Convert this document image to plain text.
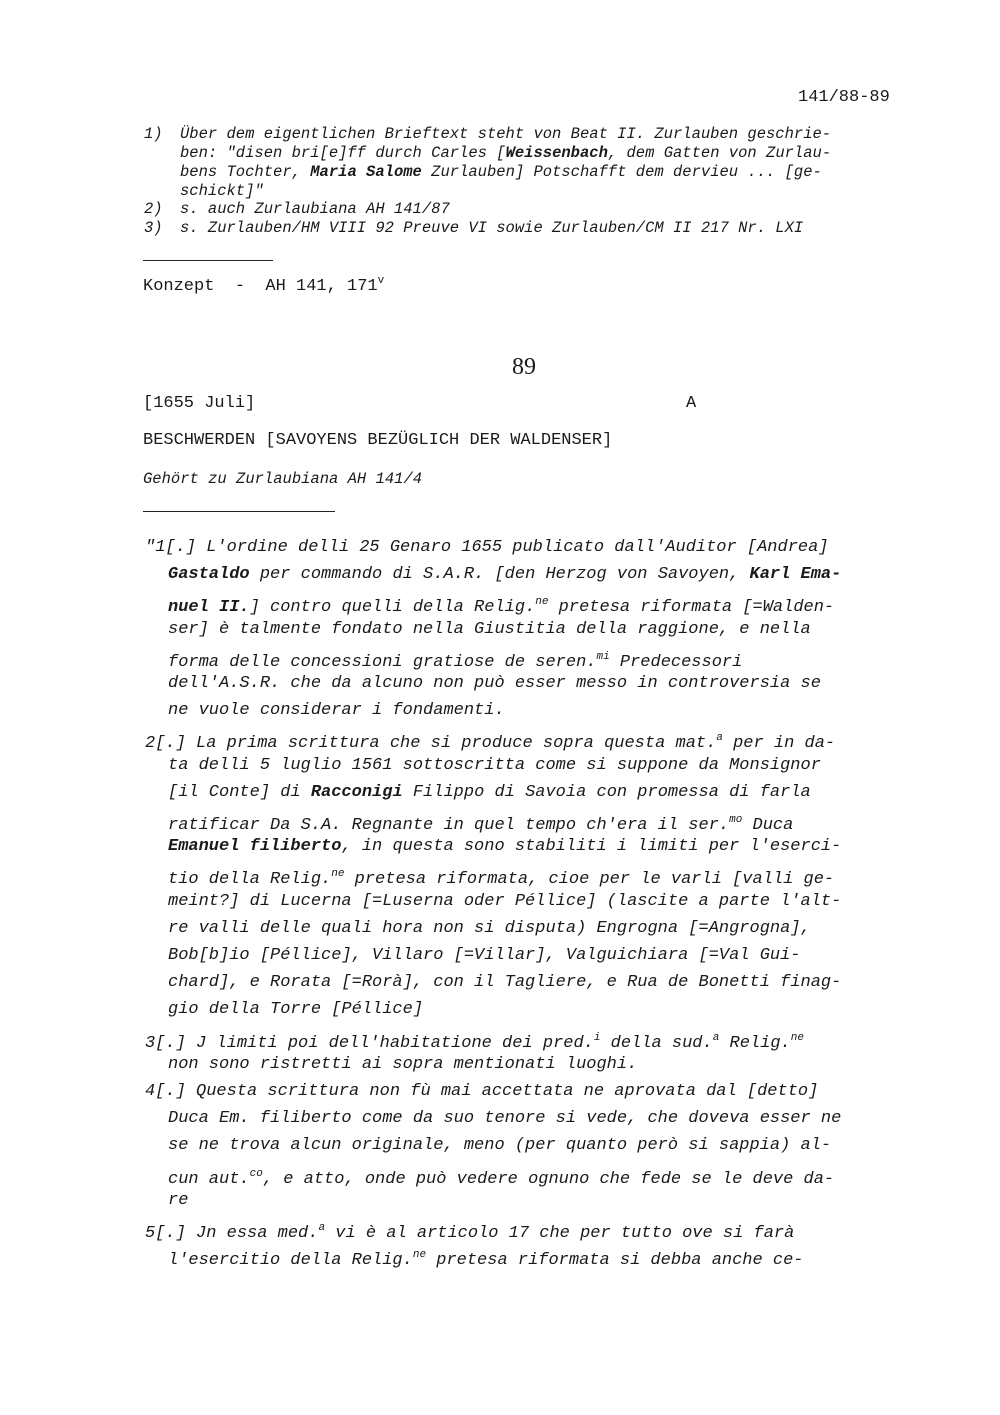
141/88-89
1) Über dem eigentlichen Brieftext steht von Beat II. Zurlauben geschrie-
ben: "disen bri[e]ff durch Carles [Weissenbach, dem Gatten von Zurlau-
bens Tochter, Maria Salome Zurlauben] Potschafft dem dervieu ... [ge-
schickt]"
2) s. auch Zurlaubiana AH 141/87
3) s. Zurlauben/HM VIII 92 Preuve VI sowie Zurlauben/CM II 217 Nr. LXI
Konzept  -  AH 141, 171$^v$
89
[1655 Juli]	A
BESCHWERDEN [SAVOYENS BEZÜGLICH DER WALDENSER]
Gehört zu Zurlaubiana AH 141/4
"1[.] L'ordine delli 25 Genaro 1655 publicato dall'Auditor [Andrea]
Gastaldo per commando di S.A.R. [den Herzog von Savoyen, Karl Ema-
nuel II.] contro quelli della Relig.$^{ne}$ pretesa riformata [=Walden-
ser] è talmente fondato nella Giustitia della raggione, e nella
forma delle concessioni gratiose de seren.$^{mi}$ Predecessori
dell'A.S.R. che da alcuno non può esser messo in controversia se
ne vuole considerar i fondamenti.
2[.] La prima scrittura che si produce sopra questa mat.$^a$ per in da-
ta delli 5 luglio 1561 sottoscritta come si suppone da Monsignor
[il Conte] di Racconigi Filippo di Savoia con promessa di farla
ratificar Da S.A. Regnante in quel tempo ch'era il ser.$^{mo}$ Duca
Emanuel filiberto, in questa sono stabiliti i limiti per l'eserci-
tio della Relig.$^{ne}$ pretesa riformata, cioe per le varli [valli ge-
meint?] di Lucerna [=Luserna oder Péllice] (lascite a parte l'alt-
re valli delle quali hora non si disputa) Engrogna [=Angrogna],
Bob[b]io [Péllice], Villaro [=Villar], Valguichiara [=Val Gui-
chard], e Rorata [=Rorà], con il Tagliere, e Rua de Bonetti finag-
gio della Torre [Péllice]
3[.] J limiti poi dell'habitatione dei pred.$^i$ della sud.$^a$ Relig.$^{ne}$
non sono ristretti ai sopra mentionati luoghi.
4[.] Questa scrittura non fù mai accettata ne aprovata dal [detto]
Duca Em. filiberto come da suo tenore si vede, che doveva esser ne
se ne trova alcun originale, meno (per quanto però si sappia) al-
cun aut.$^{co}$, e atto, onde può vedere ognuno che fede se le deve da-
re
5[.] Jn essa med.$^a$ vi è al articolo 17 che per tutto ove si farà
l'esercitio della Relig.$^{ne}$ pretesa riformata si debba anche ce-
